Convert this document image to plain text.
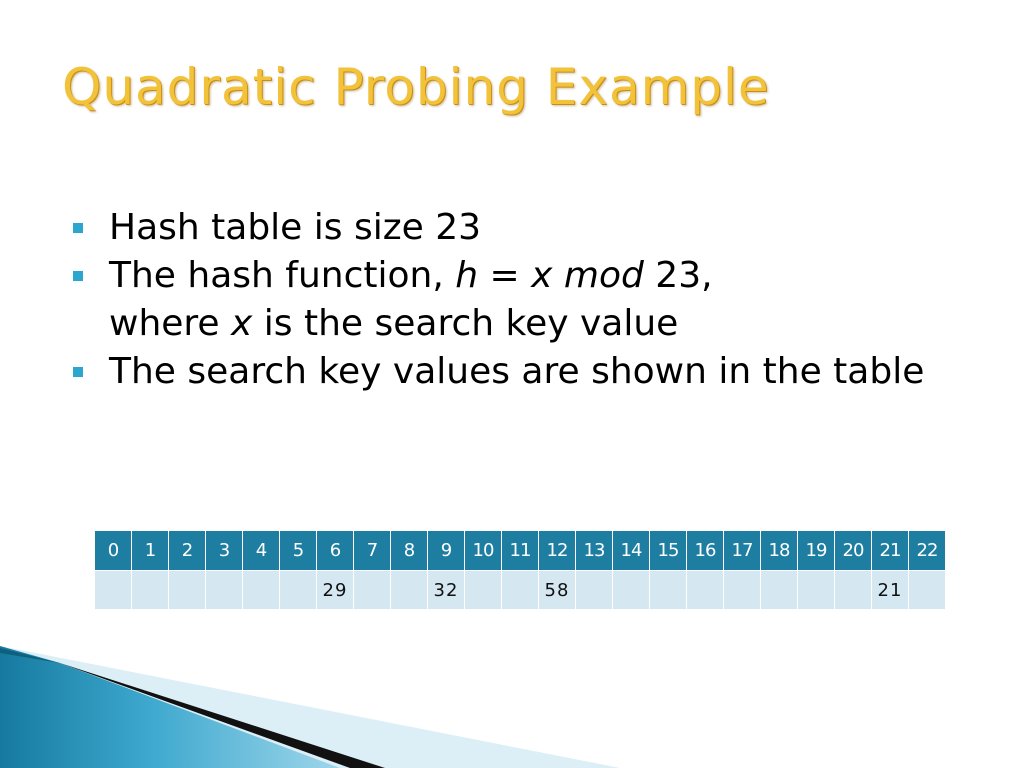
Quadratic Probing Example
Hash table is size 23
The hash function, h = x mod 23,
where x is the search key value
The search key values are shown in the table
0	1	2	3	4	5	6	7	8	9	10	11	12	13	14	15	16	17	18	19	20	21	22
						29			32			58									21	
